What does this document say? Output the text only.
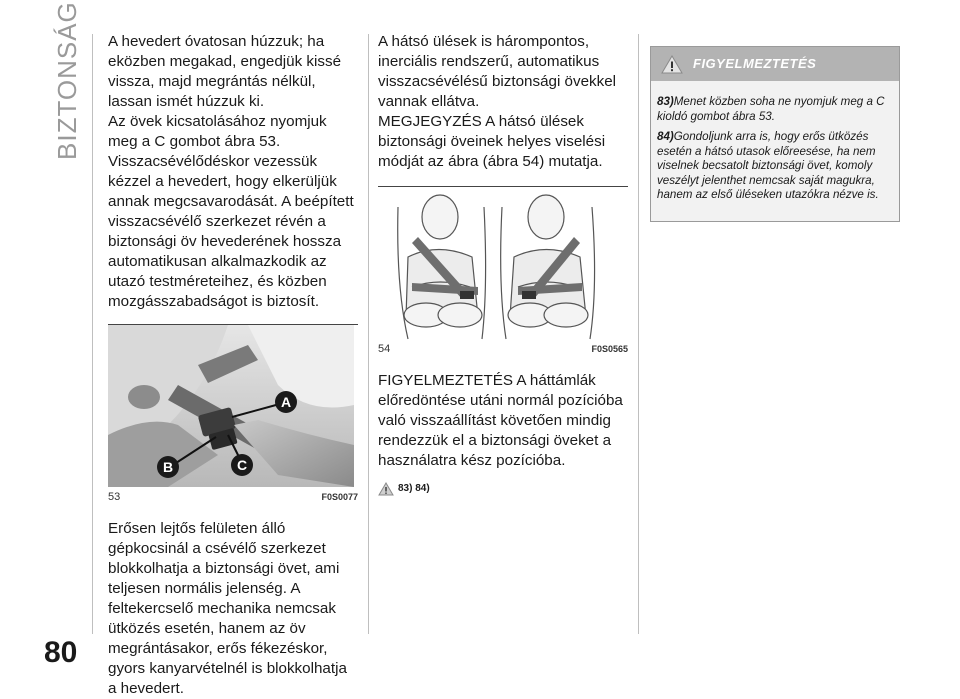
BIZTONSÁG
80

A hevedert óvatosan húzzuk; ha eközben megakad, engedjük kissé vissza, majd megrántás nélkül, lassan ismét húzzuk ki.

Az övek kicsatolásához nyomjuk meg a C gombot ábra 53.

Visszacsévélődéskor vezessük kézzel a hevedert, hogy elkerüljük annak megcsavarodását. A beépített visszacsévélő szerkezet révén a biztonsági öv hevederének hossza automatikusan alkalmazkodik az utazó testméreteihez, és közben mozgásszabadságot is biztosít.

A
B	C
53	F0S0077

Erősen lejtős felületen álló gépkocsinál a csévélő szerkezet blokkolhatja a biztonsági övet, ami teljesen normális jelenség. A feltekercselő mechanika nemcsak ütközés esetén, hanem az öv megrántásakor, erős fékezéskor, gyors kanyarvételnél is blokkolhatja a hevedert.

A hátsó ülések is hárompontos, inerciális rendszerű, automatikus visszacsévélésű biztonsági övekkel vannak ellátva.

MEGJEGYZÉS A hátsó ülések biztonsági öveinek helyes viselési módját az ábra (ábra 54) mutatja.

54	F0S0565

FIGYELMEZTETÉS A háttámlák előredöntése utáni normál pozícióba való visszaállítást követően mindig rendezzük el a biztonsági öveket a használatra kész pozícióba.

83) 84)
FIGYELMEZTETÉS

83)Menet közben soha ne nyomjuk meg a C kioldó gombot ábra 53.

84)Gondoljunk arra is, hogy erős ütközés esetén a hátsó utasok előreesése, ha nem viselnek becsatolt biztonsági övet, komoly veszélyt jelenthet nemcsak saját magukra, hanem az első üléseken utazókra nézve is.
